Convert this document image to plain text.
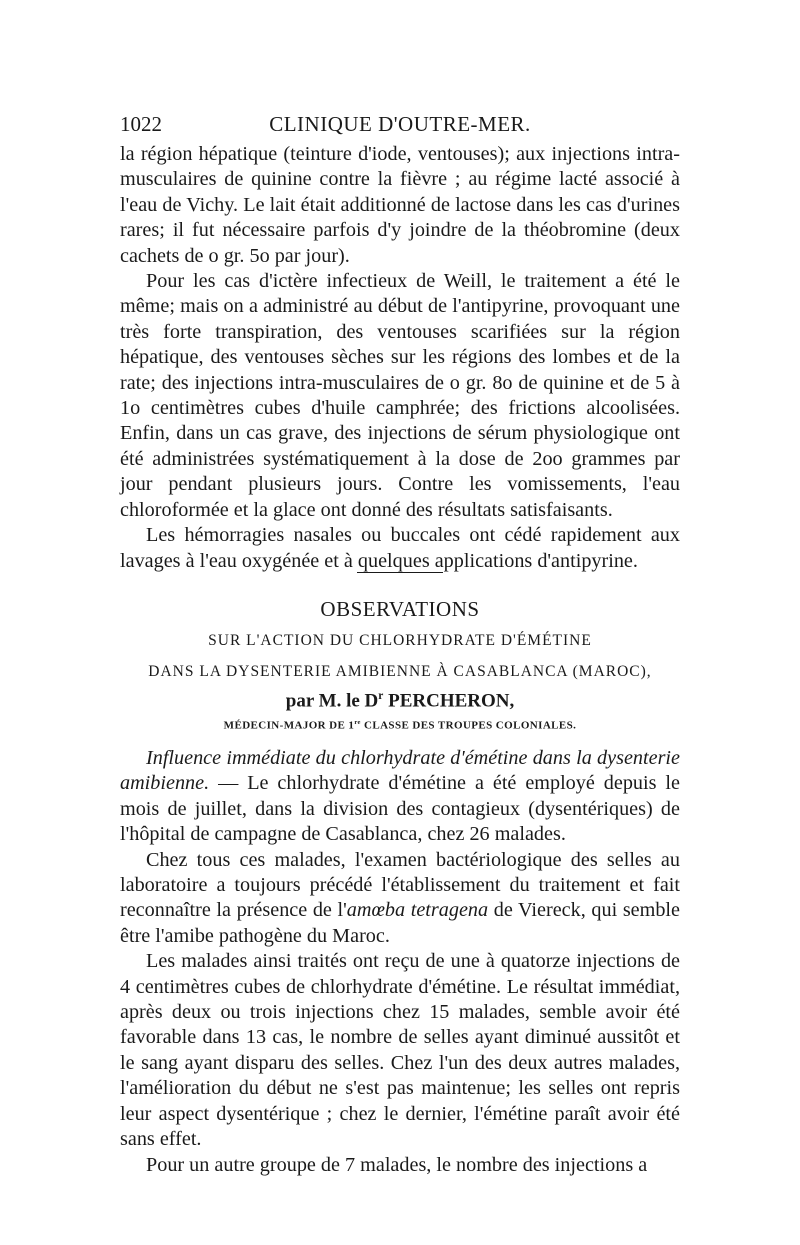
1022	CLINIQUE D'OUTRE-MER.

la région hépatique (teinture d'iode, ventouses); aux injections intra-musculaires de quinine contre la fièvre ; au régime lacté associé à l'eau de Vichy. Le lait était additionné de lactose dans les cas d'urines rares; il fut nécessaire parfois d'y joindre de la théobromine (deux cachets de o gr. 5o par jour).

Pour les cas d'ictère infectieux de Weill, le traitement a été le même; mais on a administré au début de l'antipyrine, provoquant une très forte transpiration, des ventouses scarifiées sur la région hépatique, des ventouses sèches sur les régions des lombes et de la rate; des injections intra-musculaires de o gr. 8o de quinine et de 5 à 1o centimètres cubes d'huile camphrée; des frictions alcoolisées. Enfin, dans un cas grave, des injections de sérum physiologique ont été administrées systématiquement à la dose de 2oo grammes par jour pendant plusieurs jours. Contre les vomissements, l'eau chloroformée et la glace ont donné des résultats satisfaisants.

Les hémorragies nasales ou buccales ont cédé rapidement aux lavages à l'eau oxygénée et à quelques applications d'antipyrine.

OBSERVATIONS
SUR L'ACTION DU CHLORHYDRATE D'ÉMÉTINE
DANS LA DYSENTERIE AMIBIENNE À CASABLANCA (MAROC),
par M. le $D^r$ PERCHERON,
MÉDECIN-MAJOR DE 1re CLASSE DES TROUPES COLONIALES.

Influence immédiate du chlorhydrate d'émétine dans la dysenterie amibienne. — Le chlorhydrate d'émétine a été employé depuis le mois de juillet, dans la division des contagieux (dysentériques) de l'hôpital de campagne de Casablanca, chez 26 malades.

Chez tous ces malades, l'examen bactériologique des selles au laboratoire a toujours précédé l'établissement du traitement et fait reconnaître la présence de l'amœba tetragena de Viereck, qui semble être l'amibe pathogène du Maroc.

Les malades ainsi traités ont reçu de une à quatorze injections de 4 centimètres cubes de chlorhydrate d'émétine. Le résultat immédiat, après deux ou trois injections chez 15 malades, semble avoir été favorable dans 13 cas, le nombre de selles ayant diminué aussitôt et le sang ayant disparu des selles. Chez l'un des deux autres malades, l'amélioration du début ne s'est pas maintenue; les selles ont repris leur aspect dysentérique ; chez le dernier, l'émétine paraît avoir été sans effet.

Pour un autre groupe de 7 malades, le nombre des injections a
